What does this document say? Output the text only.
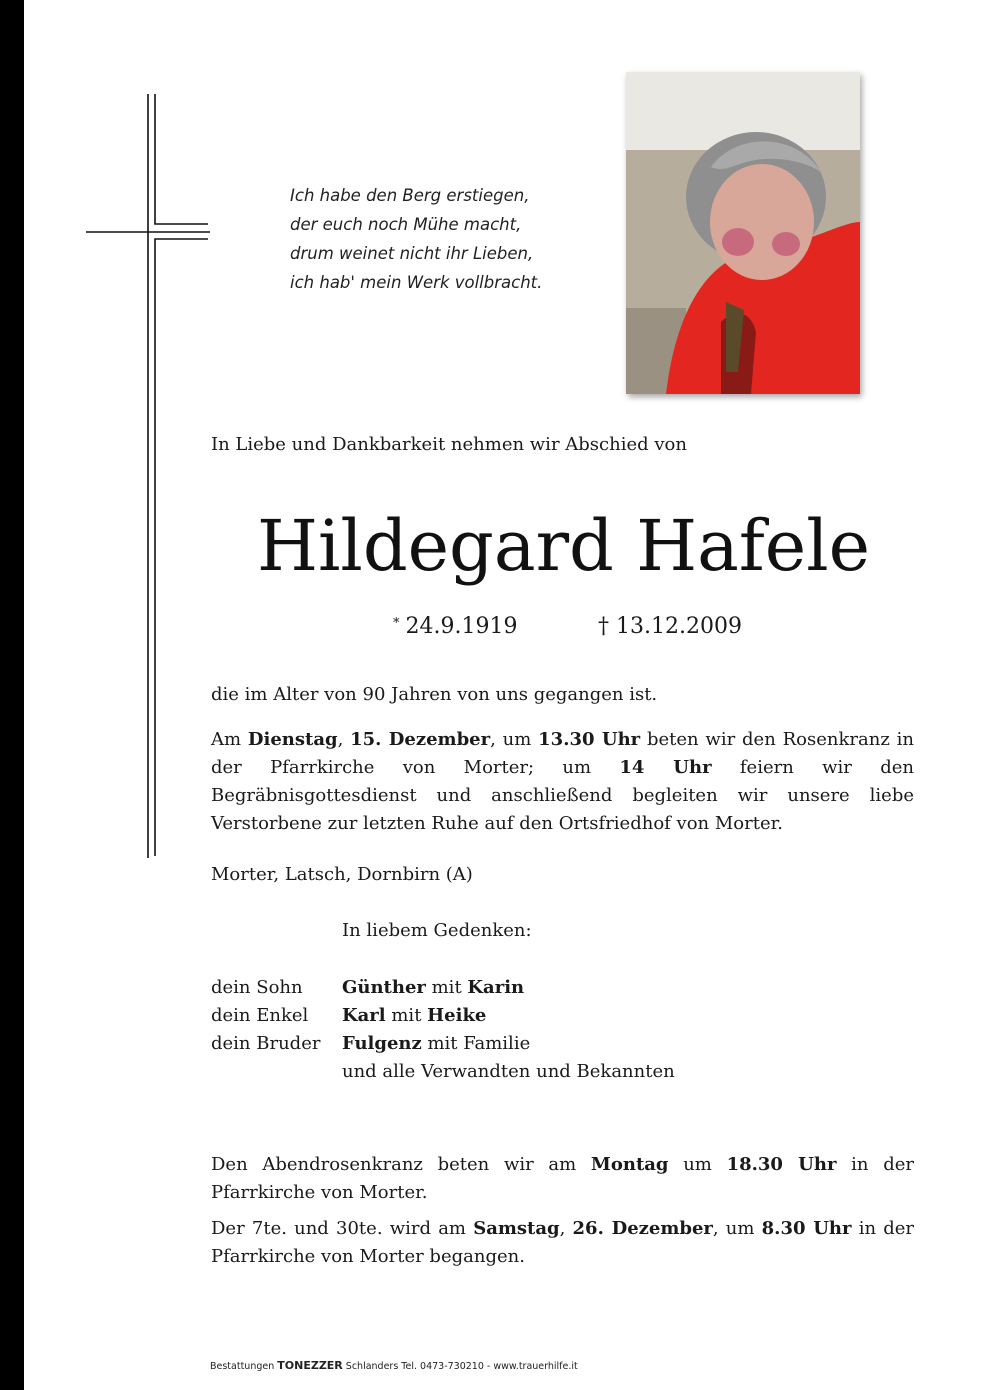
Ich habe den Berg erstiegen,
der euch noch Mühe macht,
drum weinet nicht ihr Lieben,
ich hab' mein Werk vollbracht.
In Liebe und Dankbarkeit nehmen wir Abschied von
Hildegard Hafele
* 24.9.1919	† 13.12.2009
die im Alter von 90 Jahren von uns gegangen ist.
Am Dienstag, 15. Dezember, um 13.30 Uhr beten wir den Rosenkranz in der Pfarrkirche von Morter; um 14 Uhr feiern wir den Begräbnisgottesdienst und anschließend begleiten wir unsere liebe Verstorbene zur letzten Ruhe auf den Ortsfriedhof von Morter.
Morter, Latsch, Dornbirn (A)
In liebem Gedenken:
dein Sohn	Günther mit Karin
dein Enkel	Karl mit Heike
dein Bruder	Fulgenz mit Familie
und alle Verwandten und Bekannten
Den Abendrosenkranz beten wir am Montag um 18.30 Uhr in der Pfarrkirche von Morter.
Der 7te. und 30te. wird am Samstag, 26. Dezember, um 8.30 Uhr in der Pfarrkirche von Morter begangen.
Bestattungen TONEZZER Schlanders Tel. 0473-730210 - www.trauerhilfe.it
